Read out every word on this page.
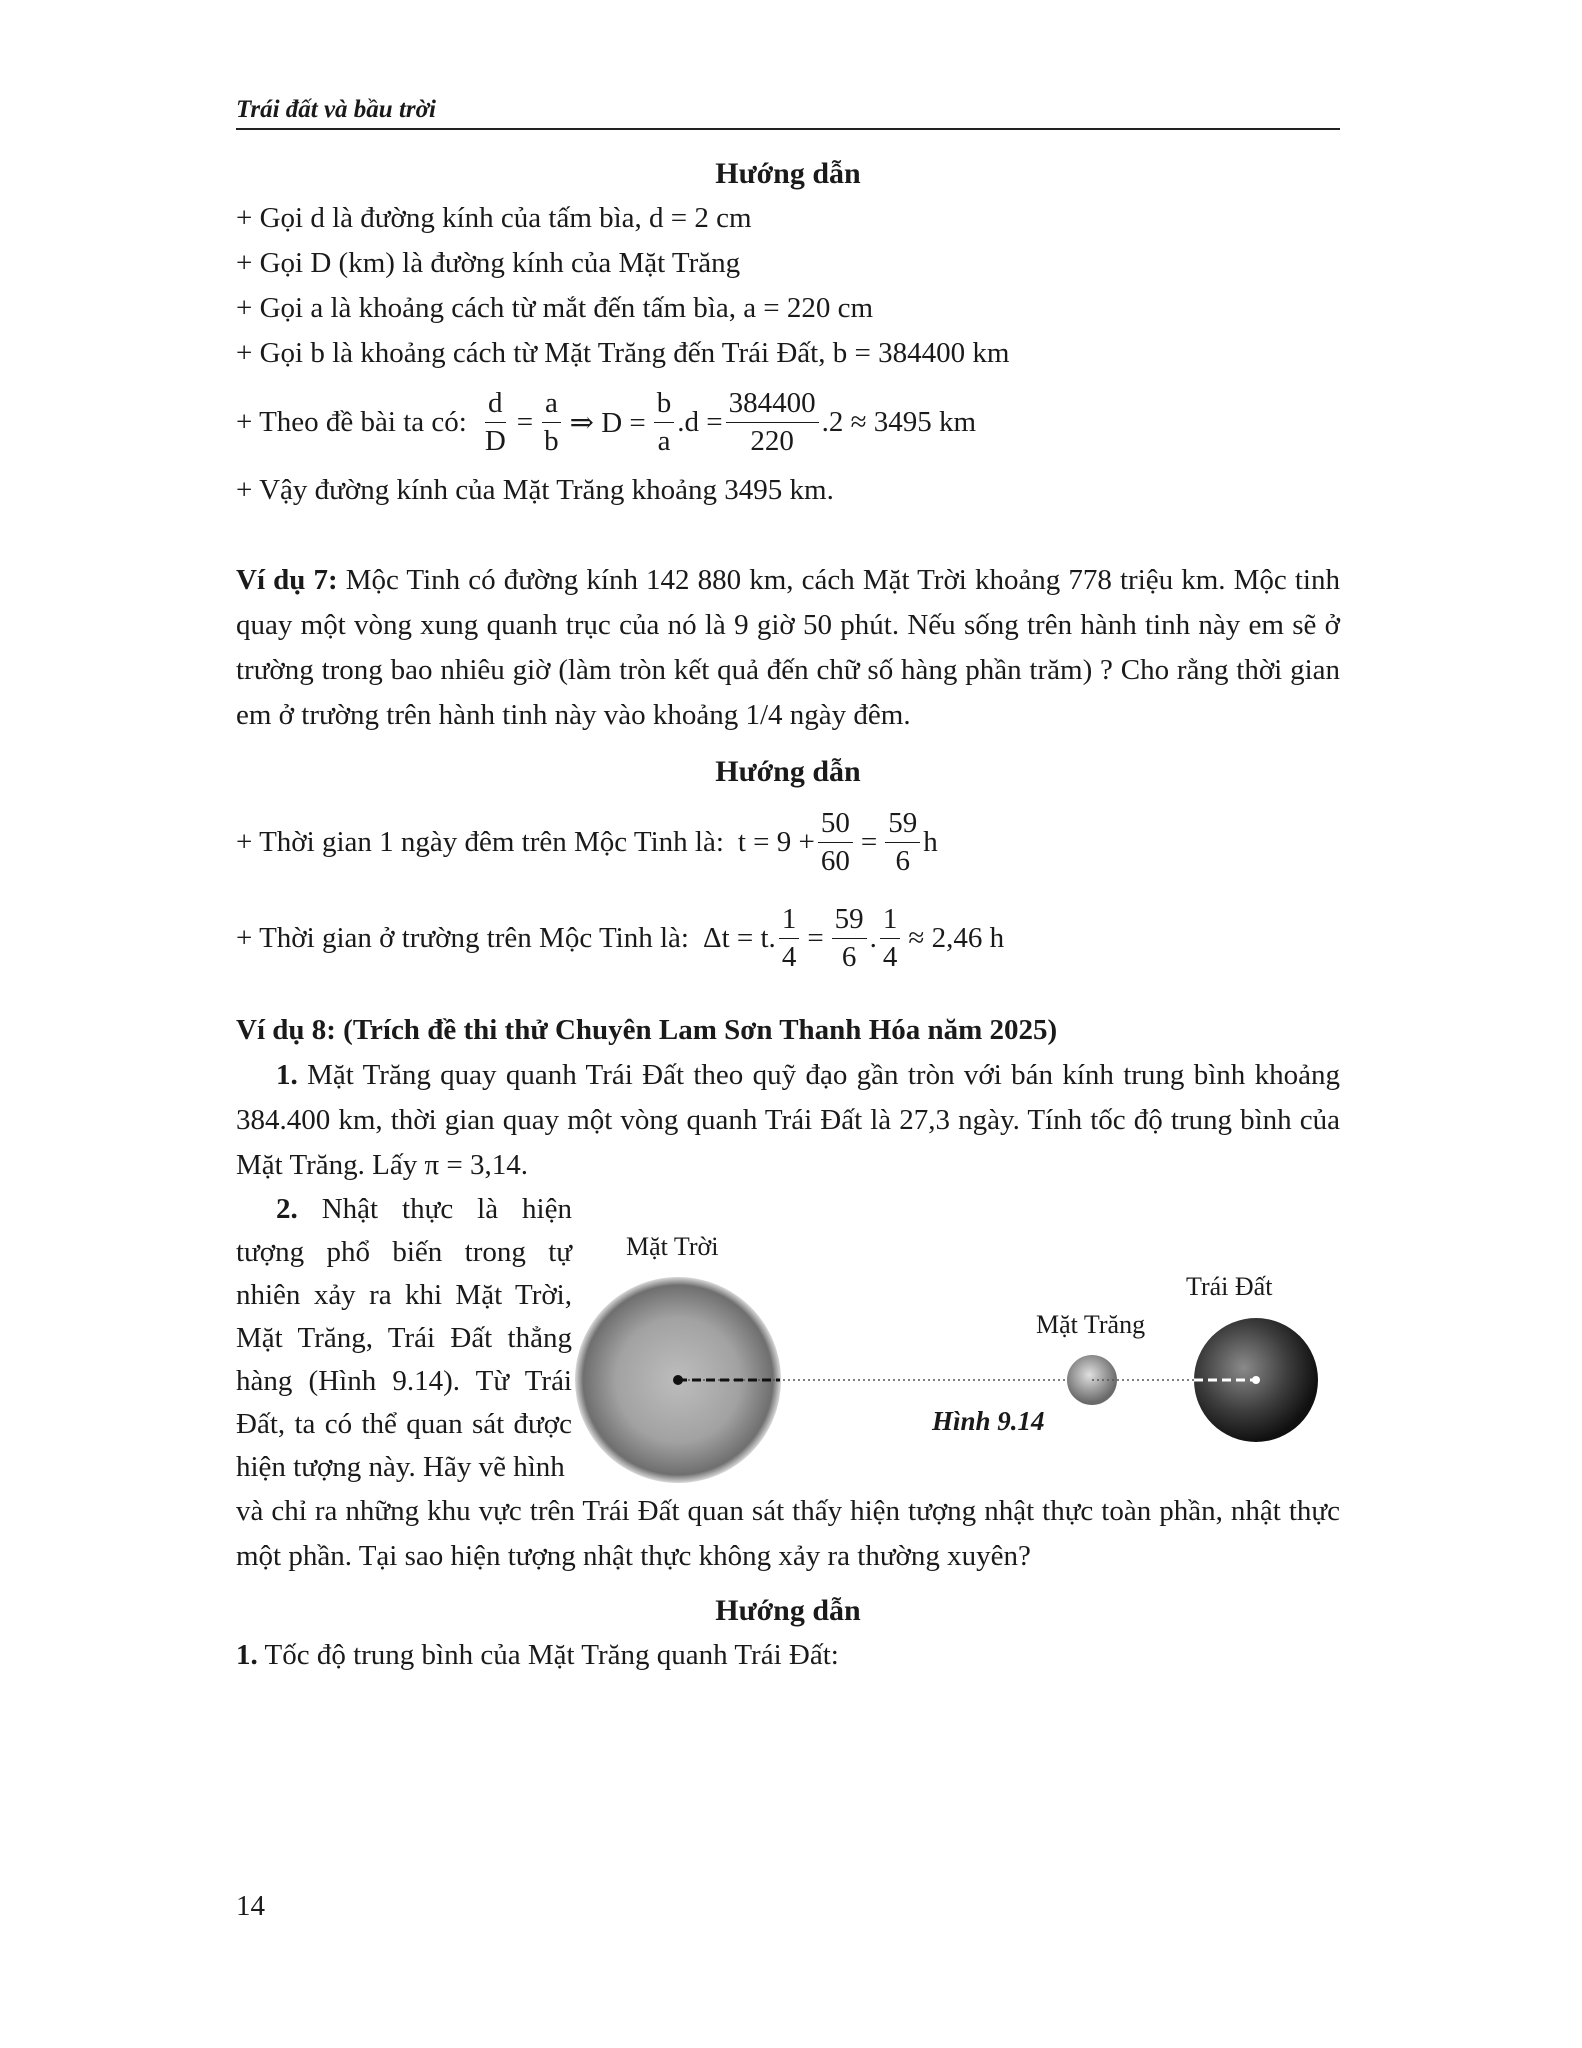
Trái đất và bầu trời
Hướng dẫn
+ Gọi d là đường kính của tấm bìa, d = 2 cm
+ Gọi D (km) là đường kính của Mặt Trăng
+ Gọi a là khoảng cách từ mắt đến tấm bìa, a = 220 cm
+ Gọi b là khoảng cách từ Mặt Trăng đến Trái Đất, b = 384400 km
+ Theo đề bài ta có: $\frac{d}{D} = \frac{a}{b}$ ⇒ $D = \frac{b}{a} .d = \frac{384400}{220} .2 \approx 3495$ km
+ Vậy đường kính của Mặt Trăng khoảng 3495 km.
Ví dụ 7: Mộc Tinh có đường kính 142 880 km, cách Mặt Trời khoảng 778 triệu km. Mộc tinh quay một vòng xung quanh trục của nó là 9 giờ 50 phút. Nếu sống trên hành tinh này em sẽ ở trường trong bao nhiêu giờ (làm tròn kết quả đến chữ số hàng phần trăm) ? Cho rằng thời gian em ở trường trên hành tinh này vào khoảng 1/4 ngày đêm.
Hướng dẫn
+ Thời gian 1 ngày đêm trên Mộc Tinh là: $t = 9 + \frac{50}{60} = \frac{59}{6}$ h
+ Thời gian ở trường trên Mộc Tinh là: Δt = t. $\frac{1}{4} = \frac{59}{6}$ . $\frac{1}{4} \approx 2,46$ h
Ví dụ 8: (Trích đề thi thử Chuyên Lam Sơn Thanh Hóa năm 2025)
1. Mặt Trăng quay quanh Trái Đất theo quỹ đạo gần tròn với bán kính trung bình khoảng 384.400 km, thời gian quay một vòng quanh Trái Đất là 27,3 ngày. Tính tốc độ trung bình của Mặt Trăng. Lấy π = 3,14.
2. Nhật thực là hiện tượng phổ biến trong tự nhiên xảy ra khi Mặt Trời, Mặt Trăng, Trái Đất thẳng hàng (Hình 9.14). Từ Trái Đất, ta có thể quan sát được hiện tượng này. Hãy vẽ hình
Mặt Trời
Mặt Trăng
Trái Đất
Hình 9.14
và chỉ ra những khu vực trên Trái Đất quan sát thấy hiện tượng nhật thực toàn phần, nhật thực một phần. Tại sao hiện tượng nhật thực không xảy ra thường xuyên?
Hướng dẫn
1. Tốc độ trung bình của Mặt Trăng quanh Trái Đất:
14
